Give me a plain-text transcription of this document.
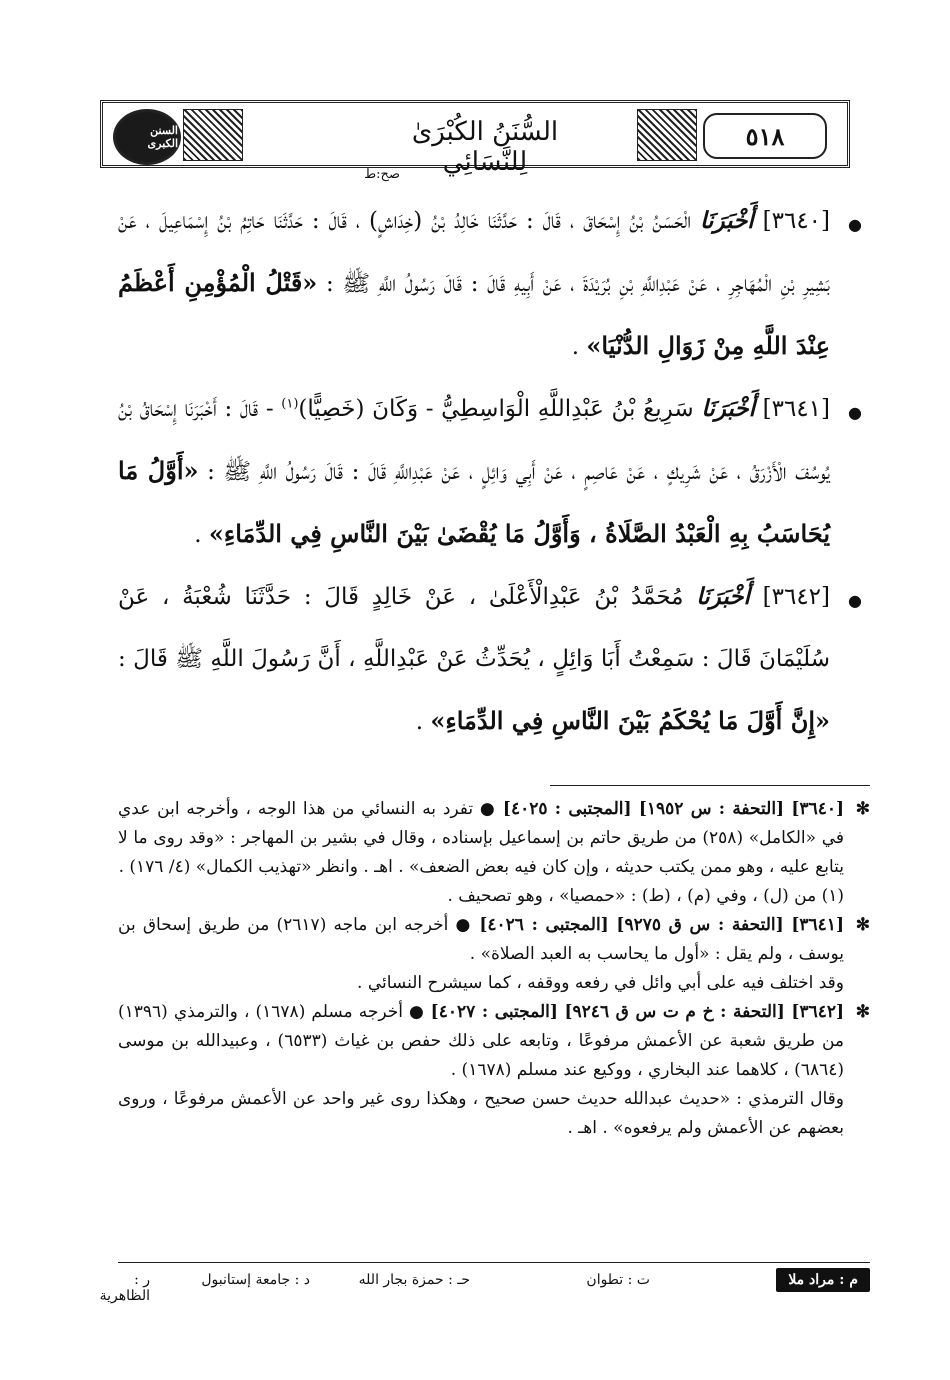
٥١٨
السُّنَنُ الكُبْرَىٰ لِلنَّسَائِي
السنن الكبرى
●
صح:ط
[٣٦٤٠] أَخْبَرَنَا الْحَسَنُ بْنُ إِسْحَاقَ ، قَالَ : حَدَّثَنَا خَالِدُ بْنُ (خِدَاشٍ) ، قَالَ : حَدَّثَنَا حَاتِمُ بْنُ إِسْمَاعِيلَ ، عَنْ بَشِيرِ بْنِ الْمُهَاجِرِ ، عَنْ عَبْدِاللَّهِ بْنِ بُرَيْدَةَ ، عَنْ أَبِيهِ قَالَ : قَالَ رَسُولُ اللَّهِ ﷺ : «قَتْلُ الْمُؤْمِنِ أَعْظَمُ عِنْدَ اللَّهِ مِنْ زَوَالِ الدُّنْيَا» .
●
[٣٦٤١] أَخْبَرَنَا سَرِيعُ بْنُ عَبْدِاللَّهِ الْوَاسِطِيُّ - وَكَانَ (خَصِيًّا)$^{(١)}$ - قَالَ : أَخْبَرَنَا إِسْحَاقُ بْنُ يُوسُفَ الْأَزْرَقُ ، عَنْ شَرِيكٍ ، عَنْ عَاصِمٍ ، عَنْ أَبِي وَائِلٍ ، عَنْ عَبْدِاللَّهِ قَالَ : قَالَ رَسُولُ اللَّهِ ﷺ : «أَوَّلُ مَا يُحَاسَبُ بِهِ الْعَبْدُ الصَّلَاةُ ، وَأَوَّلُ مَا يُقْضَىٰ بَيْنَ النَّاسِ فِي الدِّمَاءِ» .
●
[٣٦٤٢] أَخْبَرَنَا مُحَمَّدُ بْنُ عَبْدِالْأَعْلَىٰ ، عَنْ خَالِدٍ قَالَ : حَدَّثَنَا شُعْبَةُ ، عَنْ سُلَيْمَانَ قَالَ : سَمِعْتُ أَبَا وَائِلٍ ، يُحَدِّثُ عَنْ عَبْدِاللَّهِ ، أَنَّ رَسُولَ اللَّهِ ﷺ قَالَ : «إِنَّ أَوَّلَ مَا يُحْكَمُ بَيْنَ النَّاسِ فِي الدِّمَاءِ» .
✻
[٣٦٤٠] [التحفة : س ١٩٥٢] [المجتبى : ٤٠٢٥] ● تفرد به النسائي من هذا الوجه ، وأخرجه ابن عدي في «الكامل» (٢٥٨) من طريق حاتم بن إسماعيل بإسناده ، وقال في بشير بن المهاجر : «وقد روى ما لا يتابع عليه ، وهو ممن يكتب حديثه ، وإن كان فيه بعض الضعف» . اهـ . وانظر «تهذيب الكمال» (٤/ ١٧٦) .
(١) من (ل) ، وفي (م) ، (ط) : «حمصيا» ، وهو تصحيف .
✻
[٣٦٤١] [التحفة : س ق ٩٢٧٥] [المجتبى : ٤٠٢٦] ● أخرجه ابن ماجه (٢٦١٧) من طريق إسحاق بن يوسف ، ولم يقل : «أول ما يحاسب به العبد الصلاة» .
وقد اختلف فيه على أبي وائل في رفعه ووقفه ، كما سيشرح النسائي .
✻
[٣٦٤٢] [التحفة : خ م ت س ق ٩٢٤٦] [المجتبى : ٤٠٢٧] ● أخرجه مسلم (١٦٧٨) ، والترمذي (١٣٩٦) من طريق شعبة عن الأعمش مرفوعًا ، وتابعه على ذلك حفص بن غياث (٦٥٣٣) ، وعبيدالله بن موسى (٦٨٦٤) ، كلاهما عند البخاري ، ووكيع عند مسلم (١٦٧٨) .
وقال الترمذي : «حديث عبدالله حديث حسن صحيح ، وهكذا روى غير واحد عن الأعمش مرفوعًا ، وروى بعضهم عن الأعمش ولم يرفعوه» . اهـ .
م : مراد ملا
ت : تطوان
حـ : حمزة بجار الله
د : جامعة إستانبول
ر : الظاهرية
